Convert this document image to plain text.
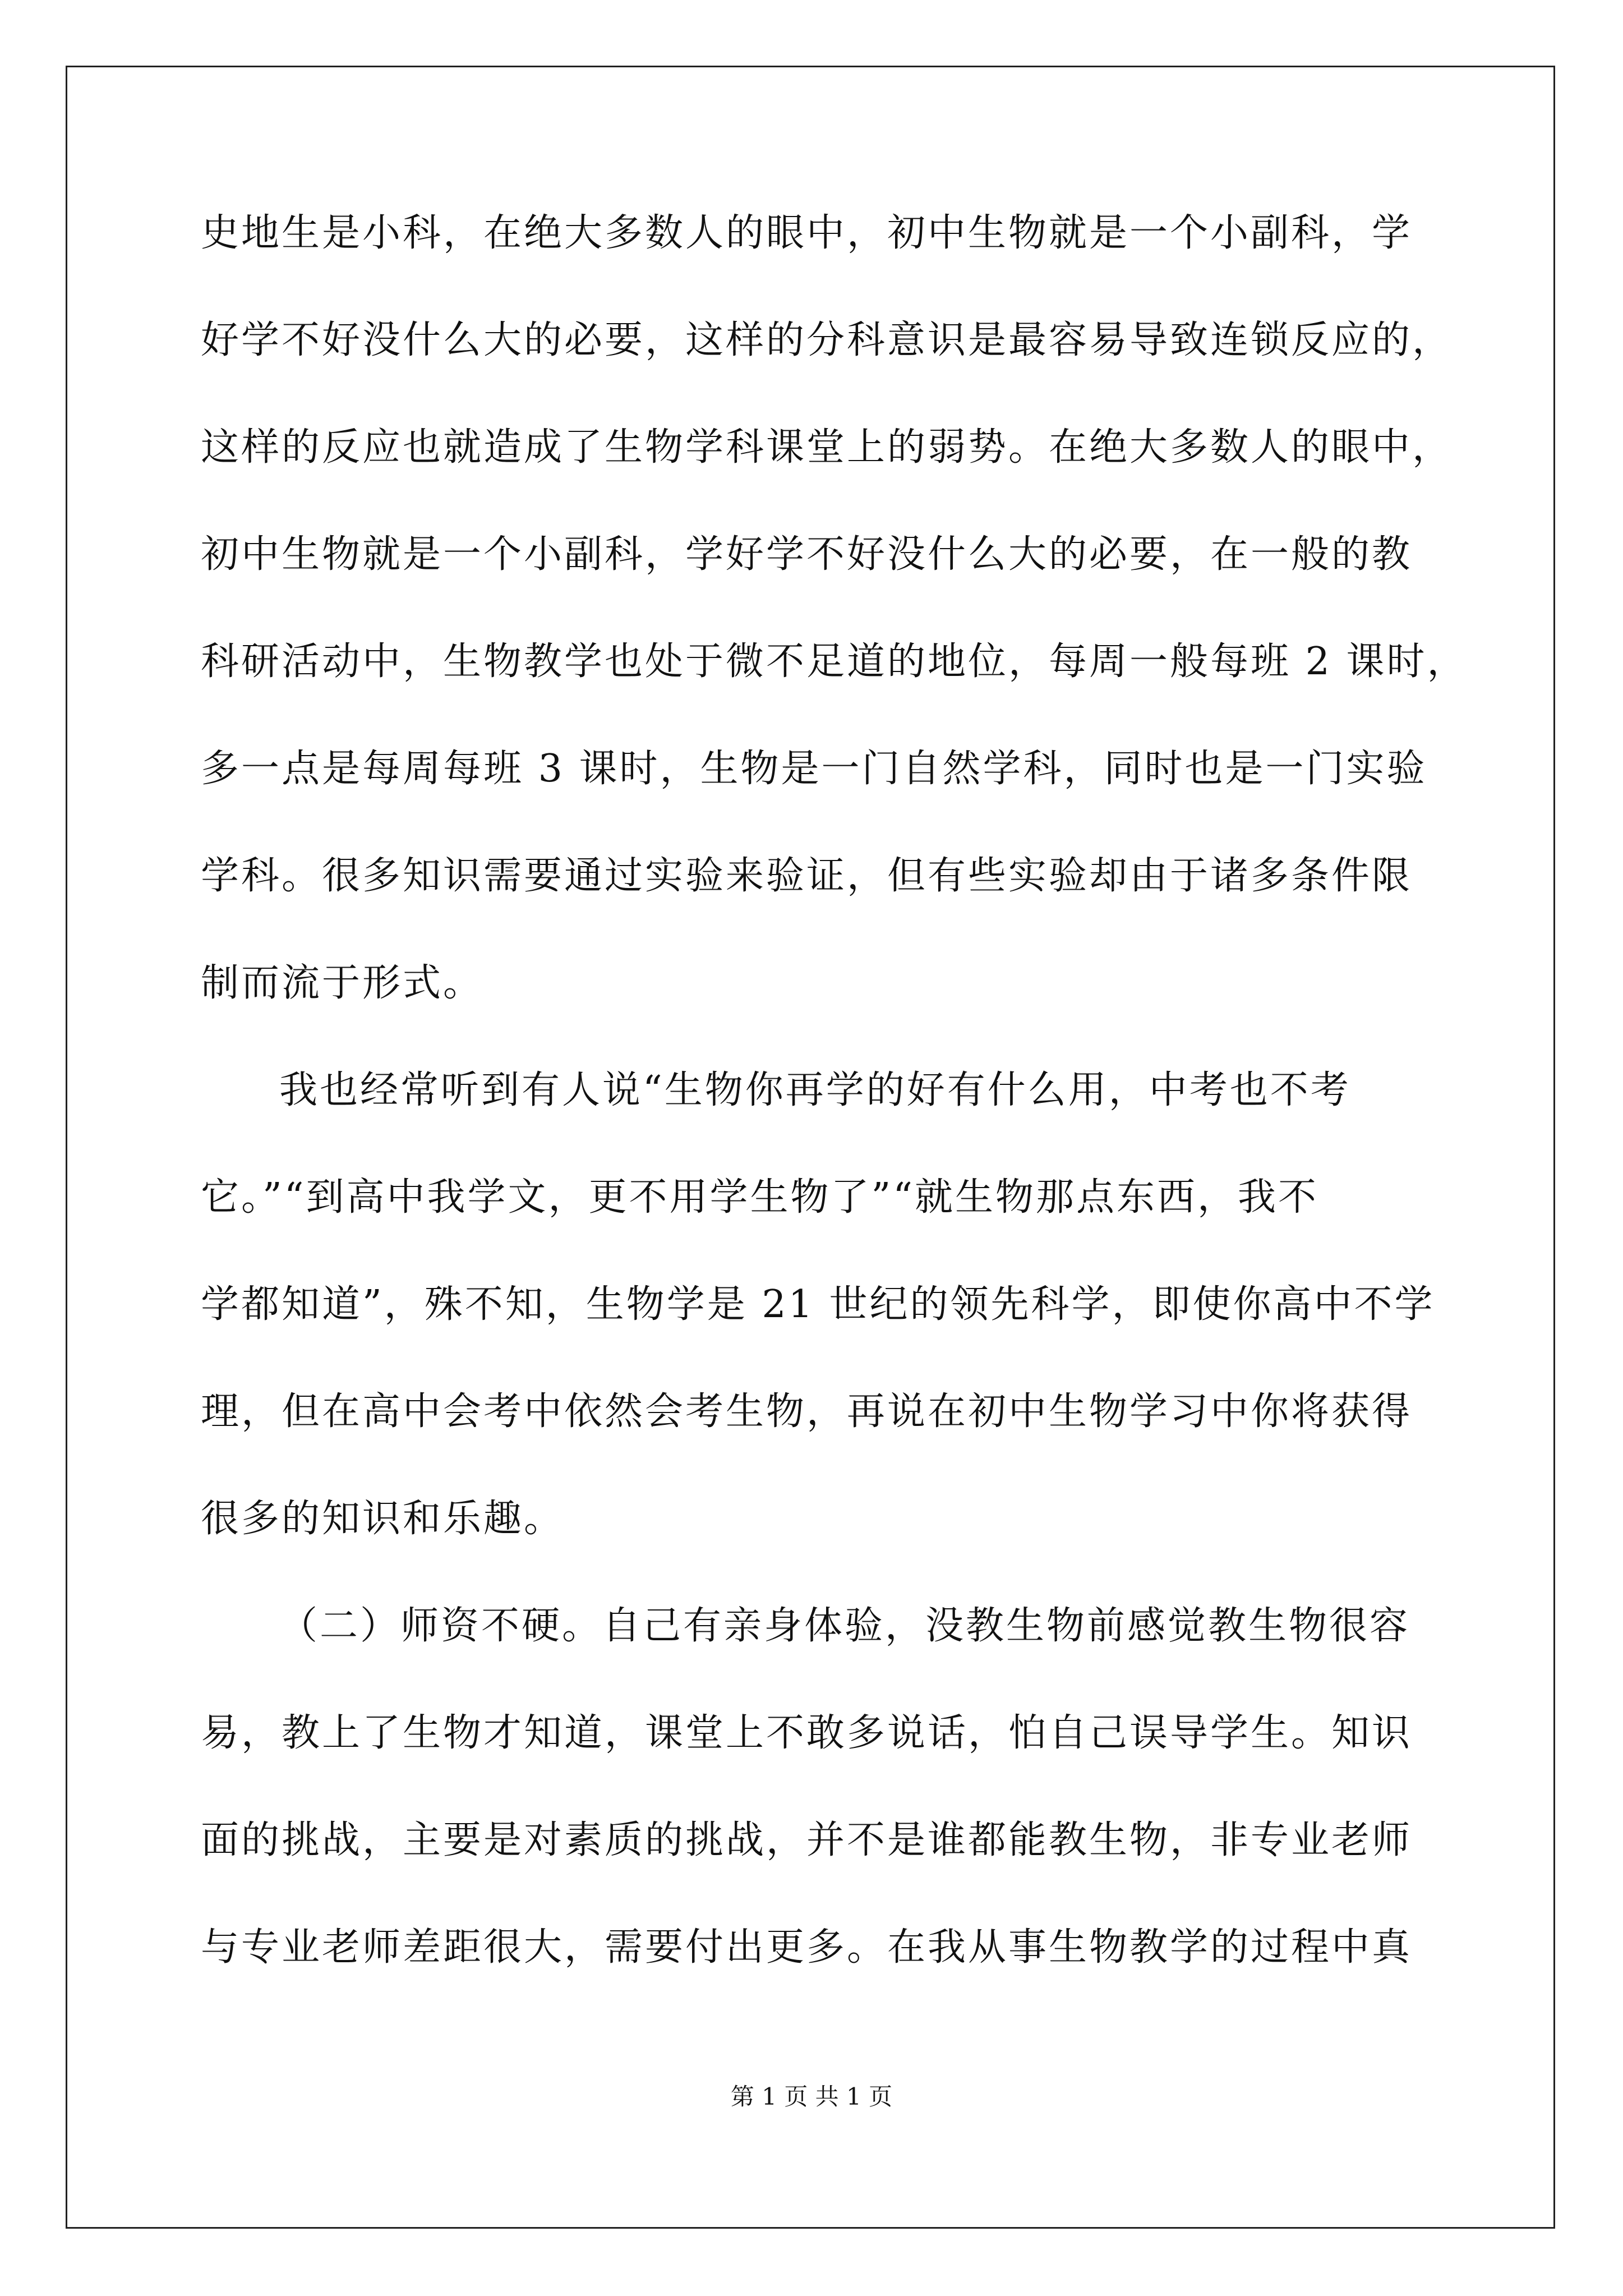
史地生是小科，在绝大多数人的眼中，初中生物就是一个小副科，学

好学不好没什么大的必要，这样的分科意识是最容易导致连锁反应的，

这样的反应也就造成了生物学科课堂上的弱势。在绝大多数人的眼中，

初中生物就是一个小副科，学好学不好没什么大的必要，在一般的教

科研活动中，生物教学也处于微不足道的地位，每周一般每班 2 课时，

多一点是每周每班 3 课时，生物是一门自然学科，同时也是一门实验

学科。很多知识需要通过实验来验证，但有些实验却由于诸多条件限

制而流于形式。

我也经常听到有人说“生物你再学的好有什么用，中考也不考

它。”“到高中我学文，更不用学生物了”“就生物那点东西，我不

学都知道”，殊不知，生物学是 21 世纪的领先科学，即使你高中不学

理，但在高中会考中依然会考生物，再说在初中生物学习中你将获得

很多的知识和乐趣。

（二）师资不硬。自己有亲身体验，没教生物前感觉教生物很容

易，教上了生物才知道，课堂上不敢多说话，怕自己误导学生。知识

面的挑战，主要是对素质的挑战，并不是谁都能教生物，非专业老师

与专业老师差距很大，需要付出更多。在我从事生物教学的过程中真

第 1 页 共 1 页
